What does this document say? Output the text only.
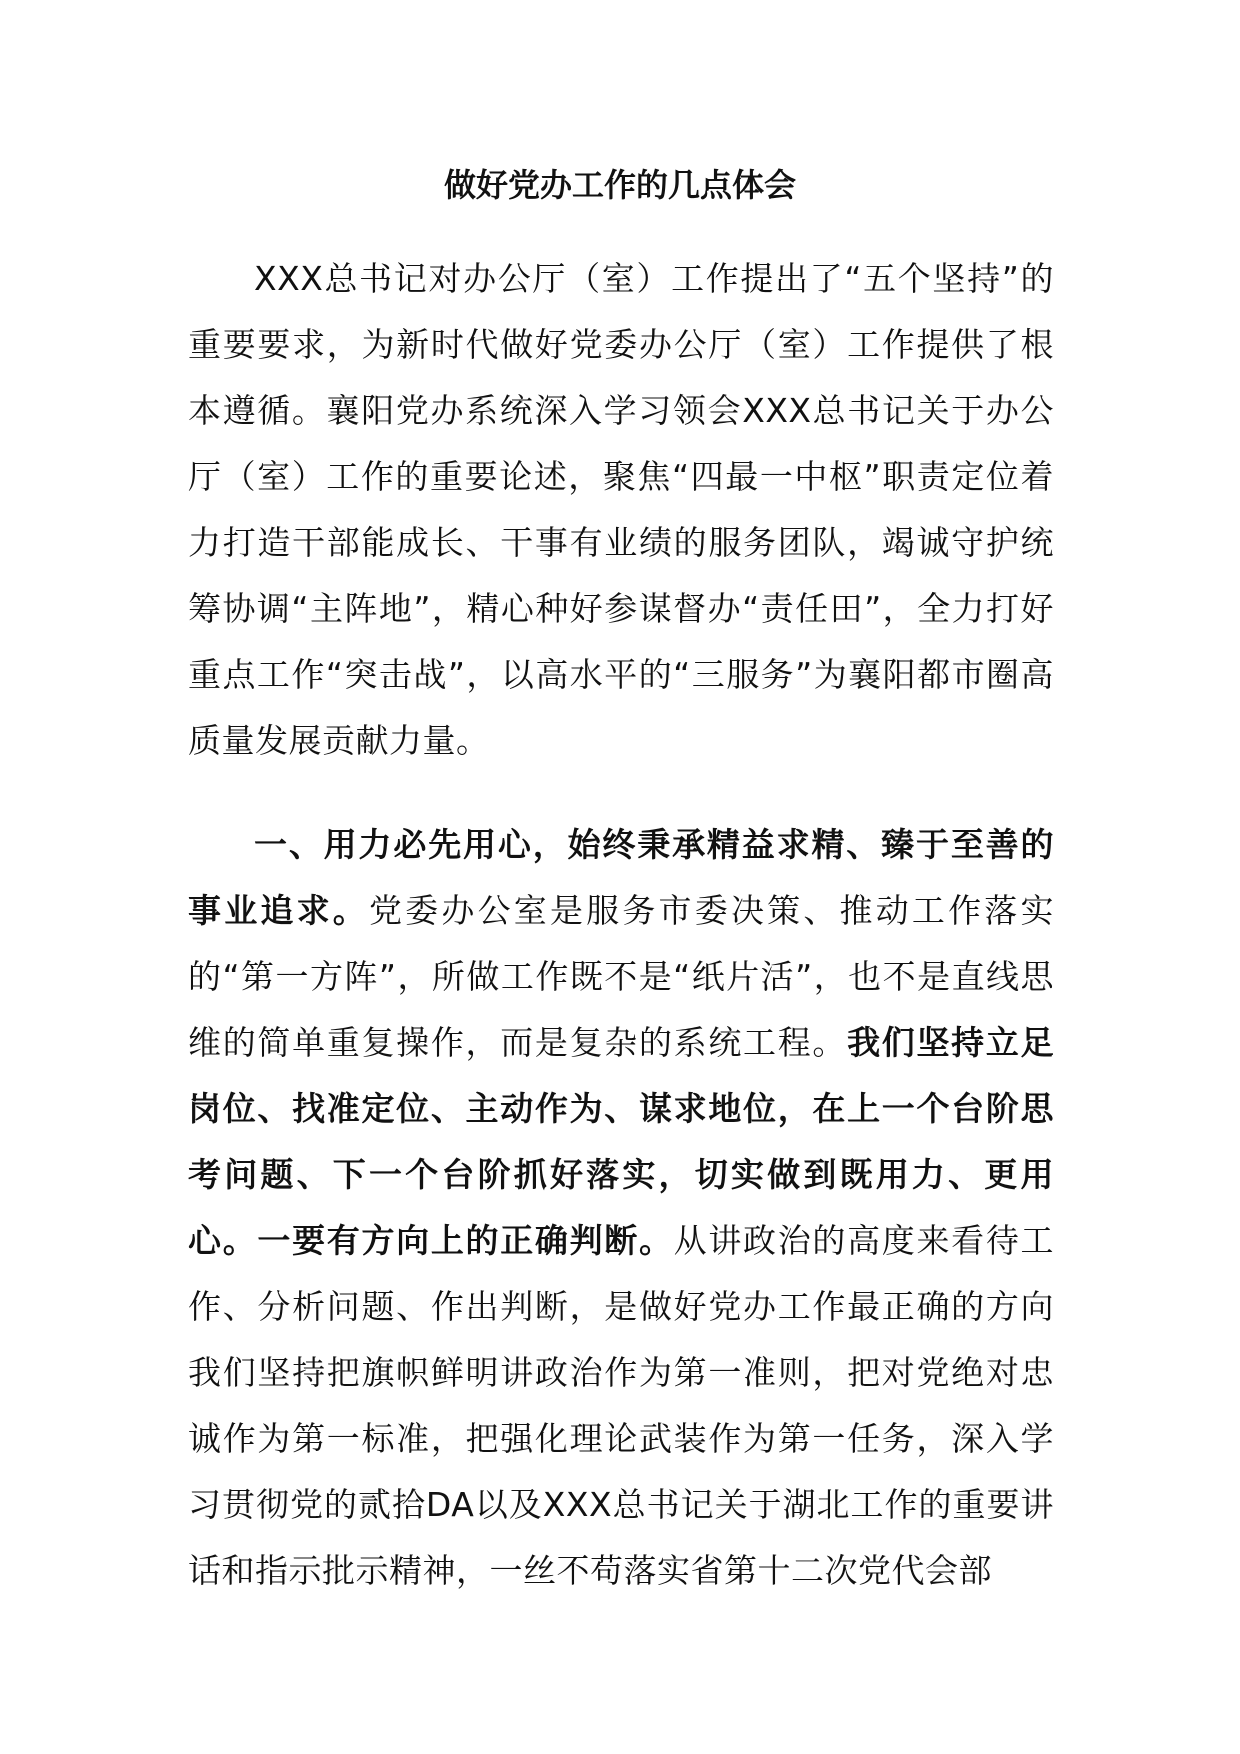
做好党办工作的几点体会

XXX总书记对办公厅（室）工作提出了“五个坚持”的重要要求，为新时代做好党委办公厅（室）工作提供了根本遵循。襄阳党办系统深入学习领会XXX总书记关于办公厅（室）工作的重要论述，聚焦“四最一中枢”职责定位着力打造干部能成长、干事有业绩的服务团队，竭诚守护统筹协调“主阵地”，精心种好参谋督办“责任田”，全力打好重点工作“突击战”，以高水平的“三服务”为襄阳都市圈高质量发展贡献力量。

一、用力必先用心，始终秉承精益求精、臻于至善的事业追求。党委办公室是服务市委决策、推动工作落实的“第一方阵”，所做工作既不是“纸片活”，也不是直线思维的简单重复操作，而是复杂的系统工程。我们坚持立足岗位、找准定位、主动作为、谋求地位，在上一个台阶思考问题、下一个台阶抓好落实，切实做到既用力、更用心。一要有方向上的正确判断。从讲政治的高度来看待工作、分析问题、作出判断，是做好党办工作最正确的方向我们坚持把旗帜鲜明讲政治作为第一准则，把对党绝对忠诚作为第一标准，把强化理论武装作为第一任务，深入学习贯彻党的贰拾DA以及XXX总书记关于湖北工作的重要讲话和指示批示精神，一丝不苟落实省第十二次党代会部
